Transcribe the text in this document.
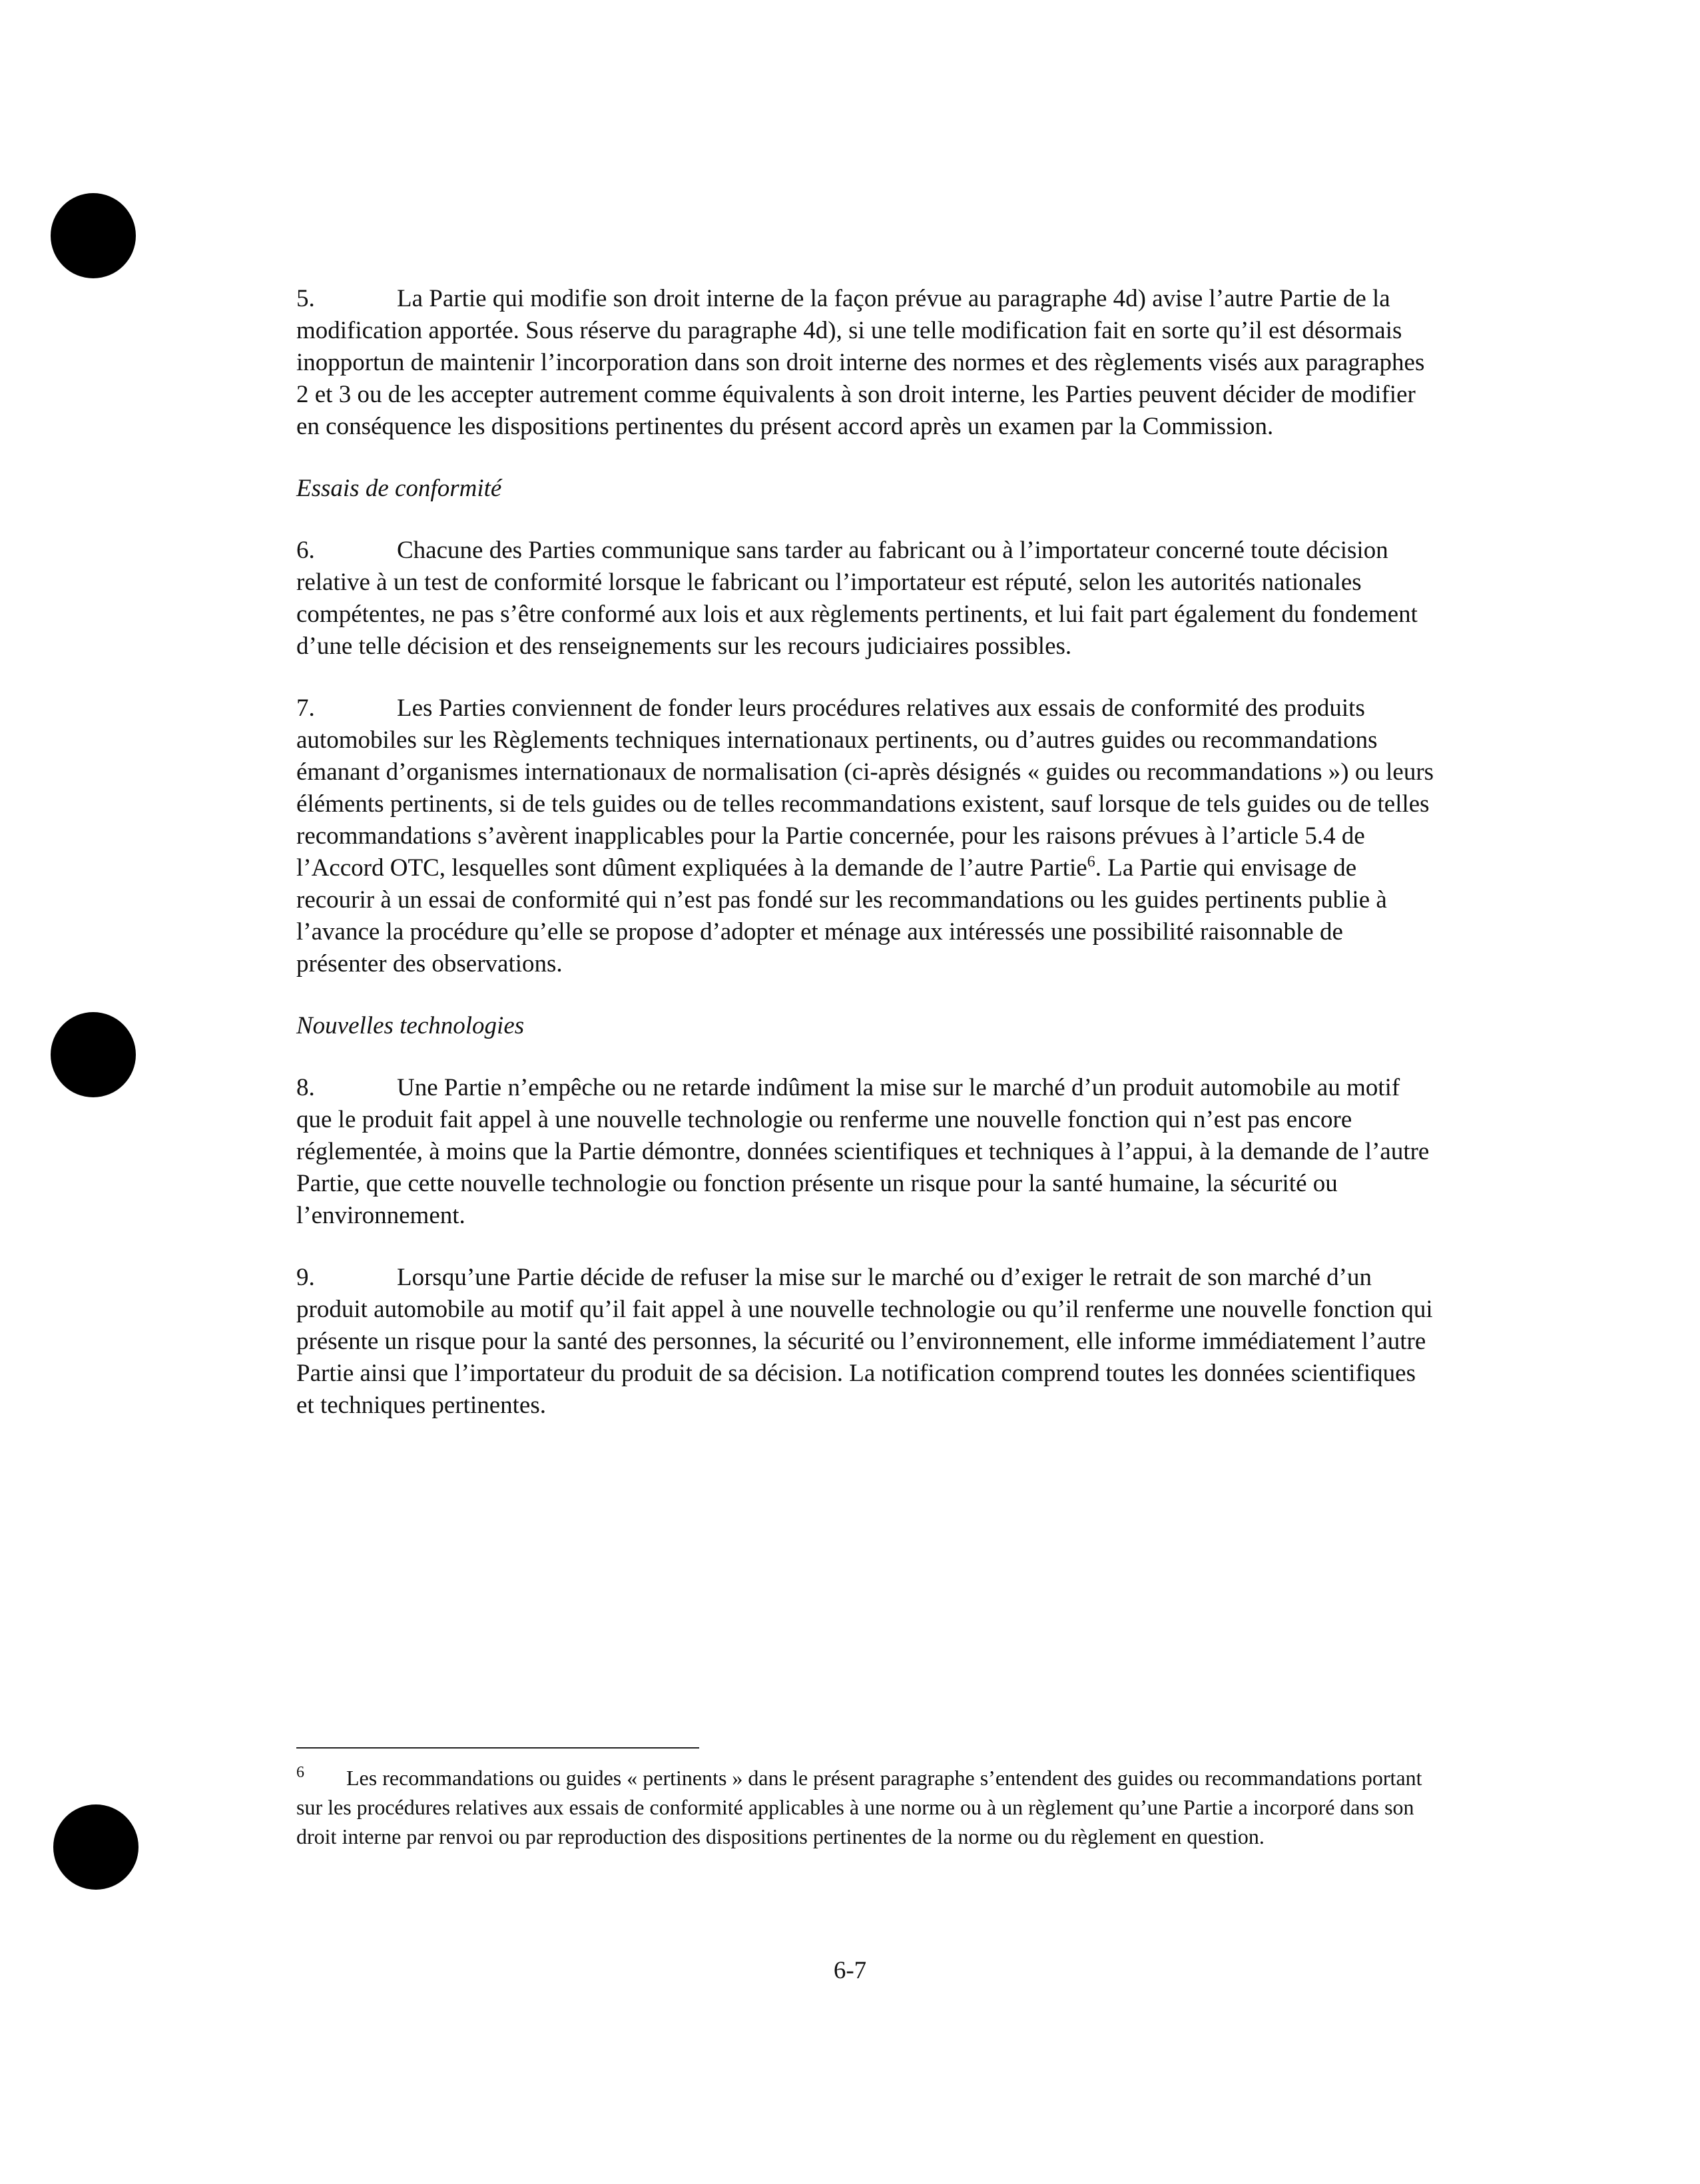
5.	La Partie qui modifie son droit interne de la façon prévue au paragraphe 4d) avise l’autre Partie de la modification apportée. Sous réserve du paragraphe 4d), si une telle modification fait en sorte qu’il est désormais inopportun de maintenir l’incorporation dans son droit interne des normes et des règlements visés aux paragraphes 2 et 3 ou de les accepter autrement comme équivalents à son droit interne, les Parties peuvent décider de modifier en conséquence les dispositions pertinentes du présent accord après un examen par la Commission.

Essais de conformité

6.	Chacune des Parties communique sans tarder au fabricant ou à l’importateur concerné toute décision relative à un test de conformité lorsque le fabricant ou l’importateur est réputé, selon les autorités nationales compétentes, ne pas s’être conformé aux lois et aux règlements pertinents, et lui fait part également du fondement d’une telle décision et des renseignements sur les recours judiciaires possibles.

7.	Les Parties conviennent de fonder leurs procédures relatives aux essais de conformité des produits automobiles sur les Règlements techniques internationaux pertinents, ou d’autres guides ou recommandations émanant d’organismes internationaux de normalisation (ci-après désignés « guides ou recommandations ») ou leurs éléments pertinents, si de tels guides ou de telles recommandations existent, sauf lorsque de tels guides ou de telles recommandations s’avèrent inapplicables pour la Partie concernée, pour les raisons prévues à l’article 5.4 de l’Accord OTC, lesquelles sont dûment expliquées à la demande de l’autre Partie$^6$. La Partie qui envisage de recourir à un essai de conformité qui n’est pas fondé sur les recommandations ou les guides pertinents publie à l’avance la procédure qu’elle se propose d’adopter et ménage aux intéressés une possibilité raisonnable de présenter des observations.

Nouvelles technologies

8.	Une Partie n’empêche ou ne retarde indûment la mise sur le marché d’un produit automobile au motif que le produit fait appel à une nouvelle technologie ou renferme une nouvelle fonction qui n’est pas encore réglementée, à moins que la Partie démontre, données scientifiques et techniques à l’appui, à la demande de l’autre Partie, que cette nouvelle technologie ou fonction présente un risque pour la santé humaine, la sécurité ou l’environnement.

9.	Lorsqu’une Partie décide de refuser la mise sur le marché ou d’exiger le retrait de son marché d’un produit automobile au motif qu’il fait appel à une nouvelle technologie ou qu’il renferme une nouvelle fonction qui présente un risque pour la santé des personnes, la sécurité ou l’environnement, elle informe immédiatement l’autre Partie ainsi que l’importateur du produit de sa décision. La notification comprend toutes les données scientifiques et techniques pertinentes.

6 Les recommandations ou guides « pertinents » dans le présent paragraphe s’entendent des guides ou recommandations portant sur les procédures relatives aux essais de conformité applicables à une norme ou à un règlement qu’une Partie a incorporé dans son droit interne par renvoi ou par reproduction des dispositions pertinentes de la norme ou du règlement en question.
6-7
